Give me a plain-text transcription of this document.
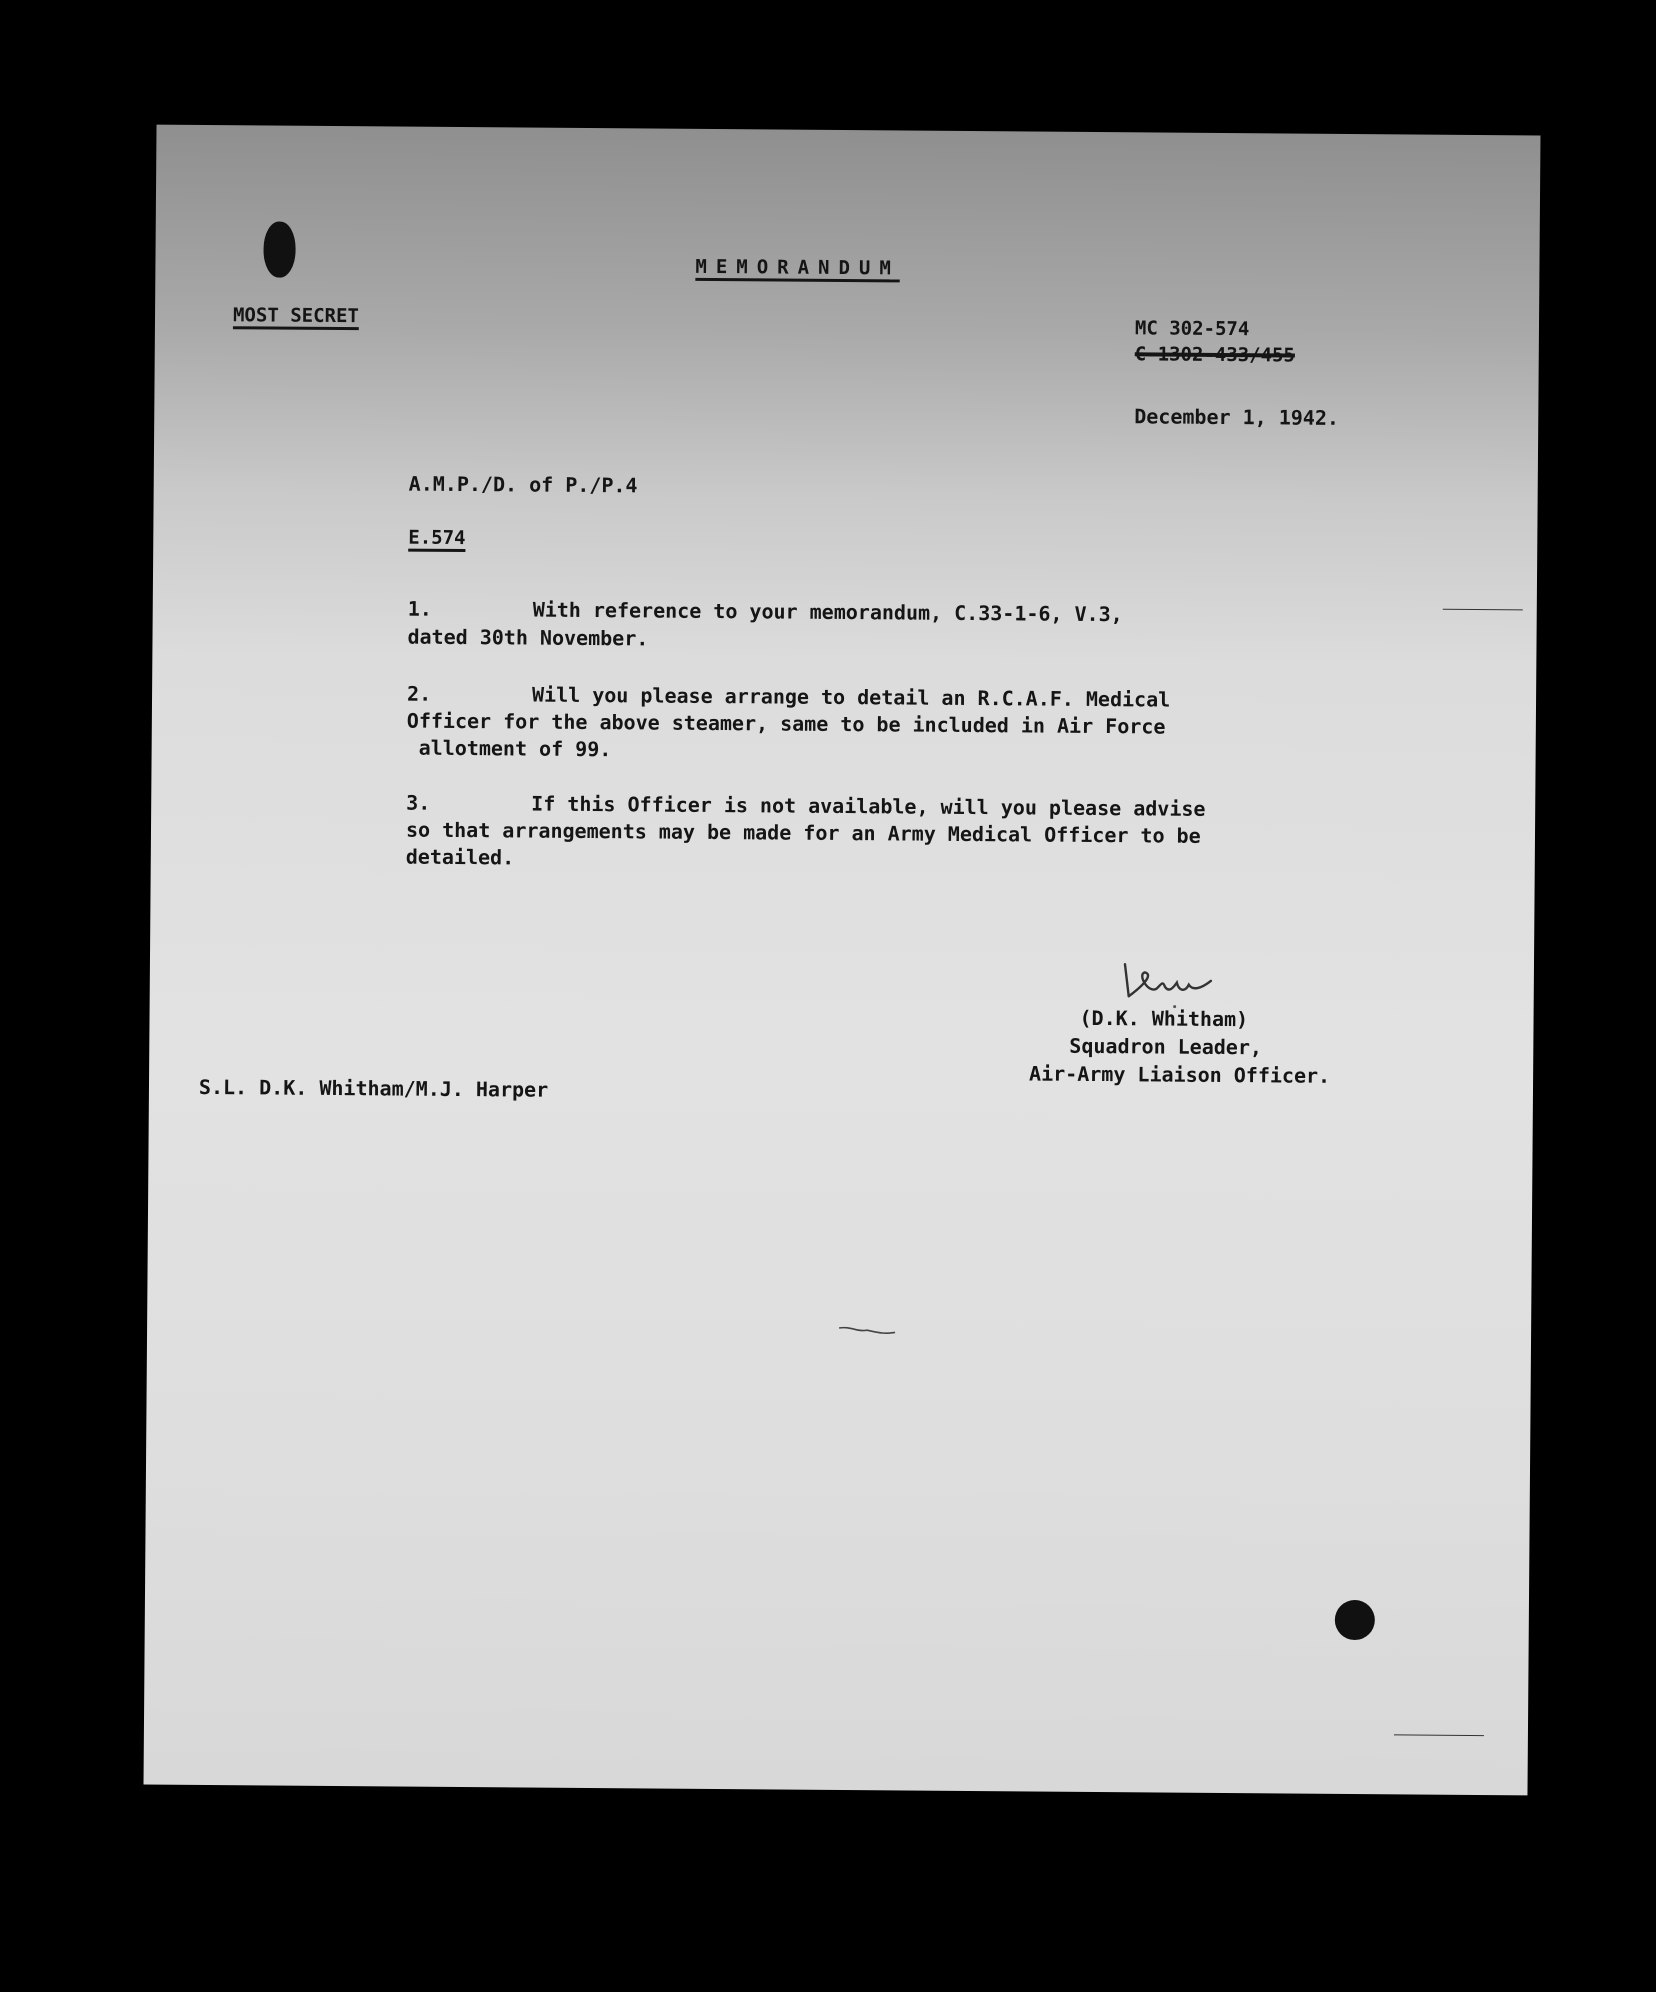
MEMORANDUM
MOST SECRET
MC 302-574
C-1302-433/455
December 1, 1942.
A.M.P./D. of P./P.4
E.574
1.	With reference to your memorandum, C.33-1-6, V.3,
dated 30th November.
2.	Will you please arrange to detail an R.C.A.F. Medical
Officer for the above steamer, same to be included in Air Force
allotment of 99.
3.	If this Officer is not available, will you please advise
so that arrangements may be made for an Army Medical Officer to be
detailed.
(D.K. Whitham)
Squadron Leader,
Air-Army Liaison Officer.
S.L. D.K. Whitham/M.J. Harper
